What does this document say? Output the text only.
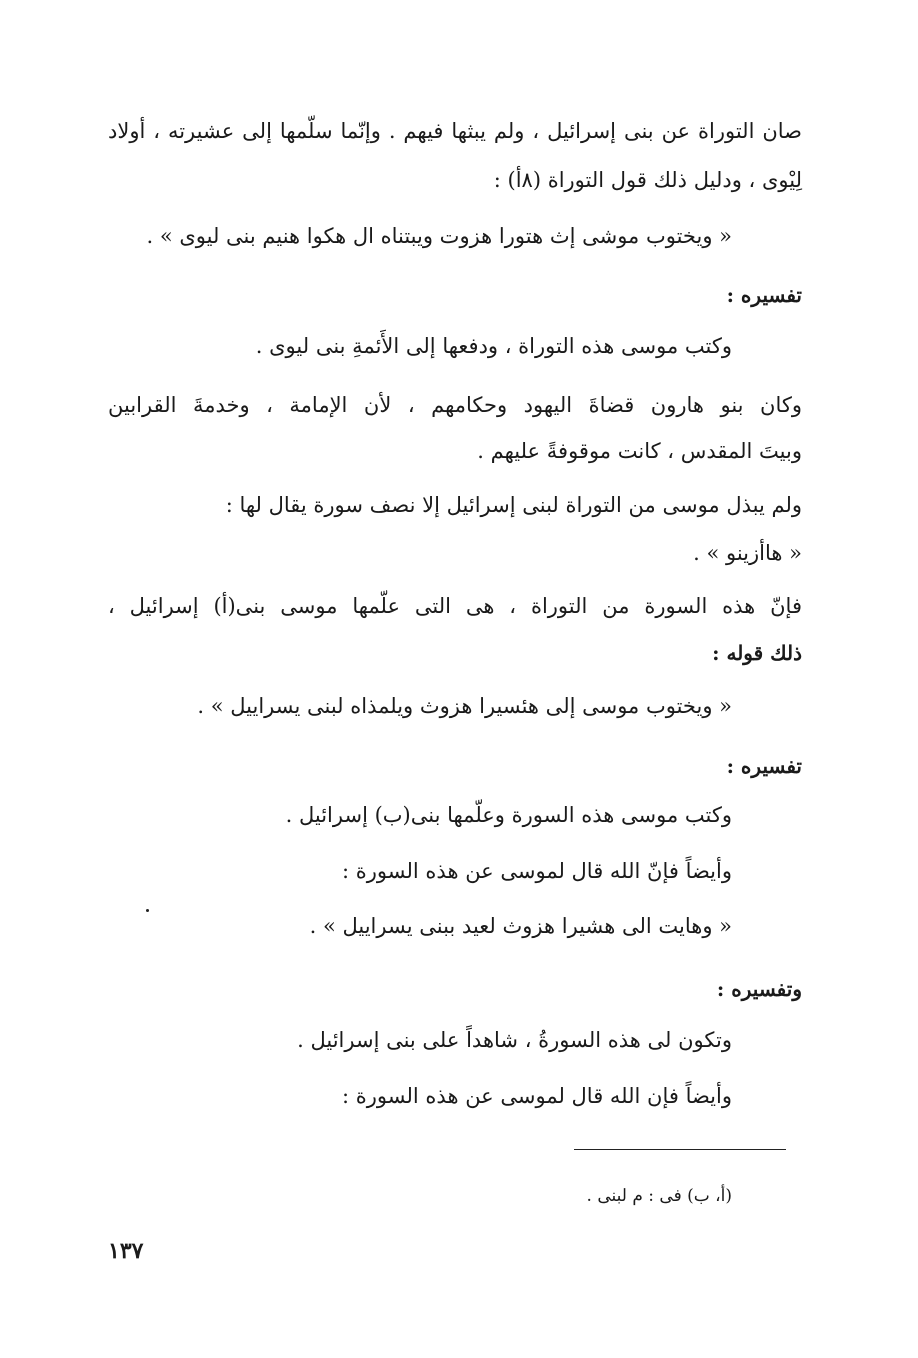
صان التوراة عن بنى إسرائيل ، ولم يبثها فيهم . وإنّما سلّمها إلى عشيرته ، أولاد
لِيْوى ، ودليل ذلك قول التوراة (٨أ) :
« ويختوب موشى إث هتورا هزوت ويبتناه ال هكوا هنيم بنى ليوى » .
تفسيره :
وكتب موسى هذه التوراة ، ودفعها إلى الأَئمةِ بنى ليوى .
وكان بنو هارون قضاةَ اليهود وحكامهم ، لأن الإمامة ، وخدمةَ القرابين
وبيتَ المقدس ، كانت موقوفةً عليهم .
ولم يبذل موسى من التوراة لبنى إسرائيل إلا نصف سورة يقال لها :
« هاأزينو » .
فإنّ هذه السورة من التوراة ، هى التى علّمها موسى بنى(أ) إسرائيل ،
ذلك قوله :
« ويختوب موسى إلى هئسيرا هزوث ويلمذاه لبنى يسراييل » .
تفسيره :
وكتب موسى هذه السورة وعلّمها بنى(ب) إسرائيل .
وأيضاً فإنّ الله قال لموسى عن هذه السورة :
« وهايت الى هشيرا هزوث لعيد ببنى يسراييل » .
وتفسيره :
وتكون لى هذه السورةُ ، شاهداً على بنى إسرائيل .
وأيضاً فإن الله قال لموسى عن هذه السورة :
(أ، ب) فى : م لبنى .
١٣٧
